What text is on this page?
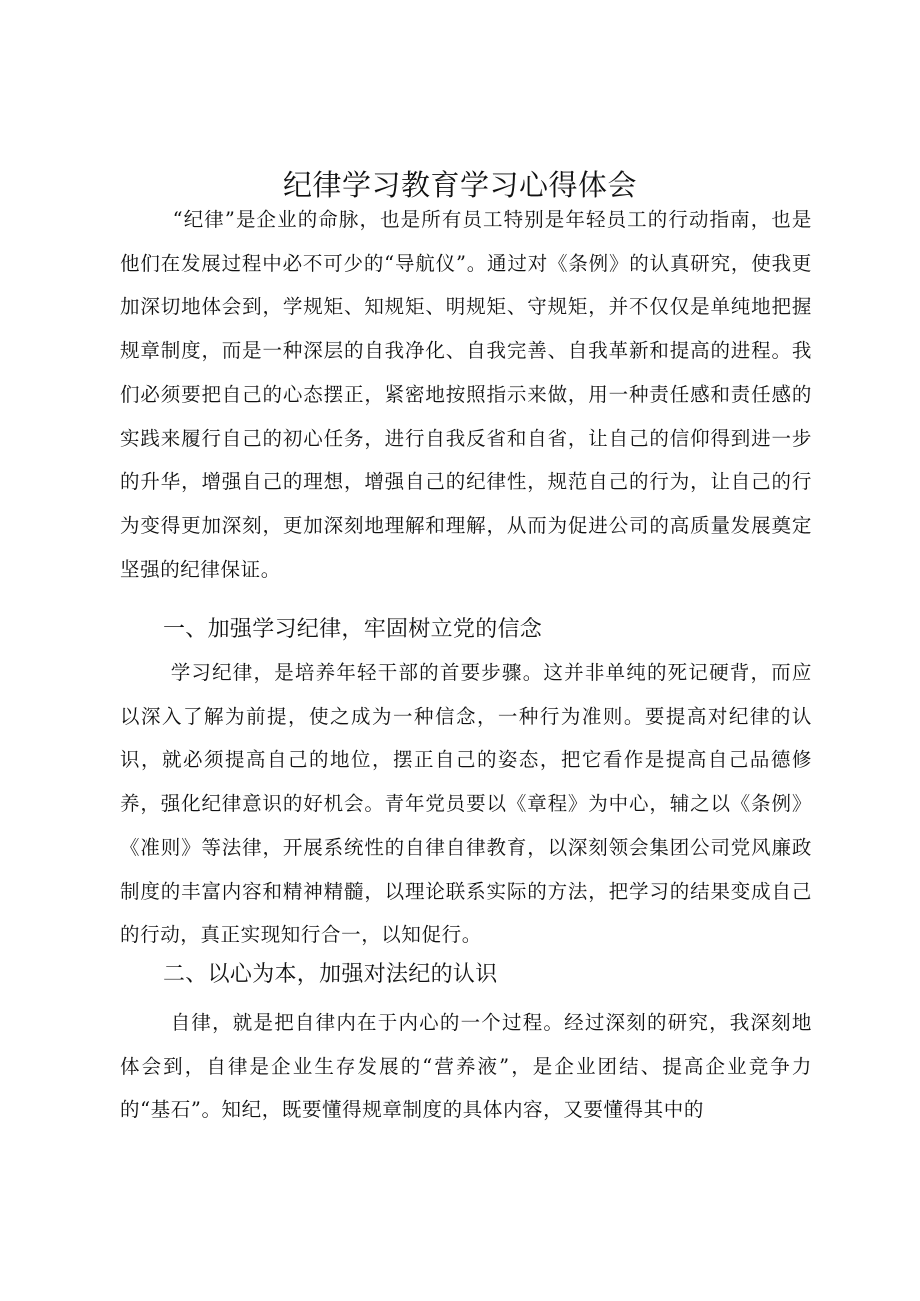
纪律学习教育学习心得体会

“纪律”是企业的命脉，也是所有员工特别是年轻员工的行动指南，也是他们在发展过程中必不可少的“导航仪”。通过对《条例》的认真研究，使我更加深切地体会到，学规矩、知规矩、明规矩、守规矩，并不仅仅是单纯地把握规章制度，而是一种深层的自我净化、自我完善、自我革新和提高的进程。我们必须要把自己的心态摆正，紧密地按照指示来做，用一种责任感和责任感的实践来履行自己的初心任务，进行自我反省和自省，让自己的信仰得到进一步的升华，增强自己的理想，增强自己的纪律性，规范自己的行为，让自己的行为变得更加深刻，更加深刻地理解和理解，从而为促进公司的高质量发展奠定坚强的纪律保证。

一、加强学习纪律，牢固树立党的信念

学习纪律，是培养年轻干部的首要步骤。这并非单纯的死记硬背，而应以深入了解为前提，使之成为一种信念，一种行为准则。要提高对纪律的认识，就必须提高自己的地位，摆正自己的姿态，把它看作是提高自己品德修养，强化纪律意识的好机会。青年党员要以《章程》为中心，辅之以《条例》《准则》等法律，开展系统性的自律自律教育，以深刻领会集团公司党风廉政制度的丰富内容和精神精髓，以理论联系实际的方法，把学习的结果变成自己的行动，真正实现知行合一，以知促行。

二、以心为本，加强对法纪的认识

自律，就是把自律内在于内心的一个过程。经过深刻的研究，我深刻地体会到，自律是企业生存发展的“营养液”，是企业团结、提高企业竞争力的“基石”。知纪，既要懂得规章制度的具体内容，又要懂得其中的
